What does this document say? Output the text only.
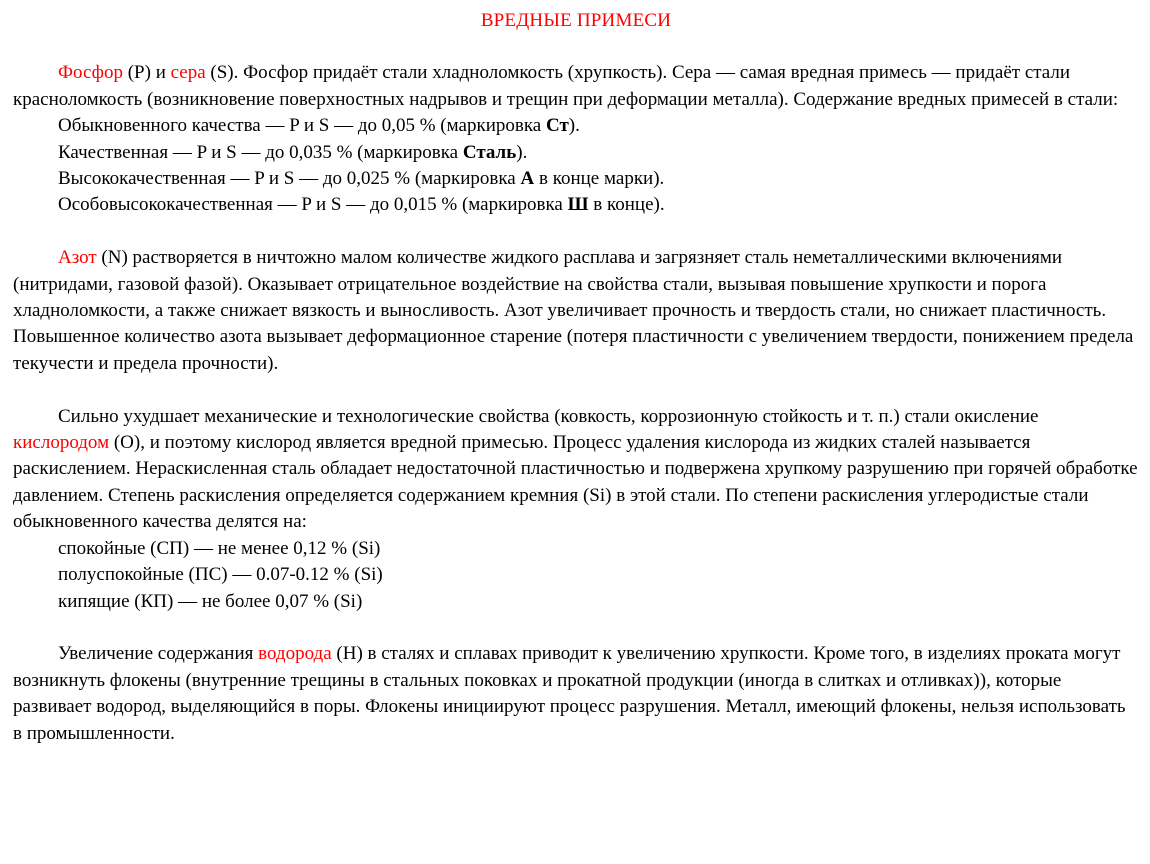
ВРЕДНЫЕ ПРИМЕСИ

Фосфор (P) и сера (S). Фосфор придаёт стали хладноломкость (хрупкость). Сера — самая вредная примесь — придаёт стали красноломкость (возникновение поверхностных надрывов и трещин при деформации металла). Содержание вредных примесей в стали:

Обыкновенного качества — P и S — до 0,05 % (маркировка Ст).

Качественная — P и S — до 0,035 % (маркировка Сталь).

Высококачественная — P и S — до 0,025 % (маркировка А в конце марки).

Особовысококачественная — P и S — до 0,015 % (маркировка Ш в конце).

Азот (N) растворяется в ничтожно малом количестве жидкого расплава и загрязняет сталь неметаллическими включениями (нитридами, газовой фазой). Оказывает отрицательное воздействие на свойства стали, вызывая повышение хрупкости и порога хладноломкости, а также снижает вязкость и выносливость. Азот увеличивает прочность и твердость стали, но снижает пластичность. Повышенное количество азота вызывает деформационное старение (потеря пластичности с увеличением твердости, понижением предела текучести и предела прочности).

Сильно ухудшает механические и технологические свойства (ковкость, коррозионную стойкость и т. п.) стали окисление кислородом (О), и поэтому кислород является вредной примесью. Процесс удаления кислорода из жидких сталей называется раскислением. Нераскисленная сталь обладает недостаточной пластичностью и подвержена хрупкому разрушению при горячей обработке давлением. Степень раскисления определяется содержанием кремния (Si) в этой стали. По степени раскисления углеродистые стали обыкновенного качества делятся на:

спокойные (СП) — не менее 0,12 % (Si)

полуспокойные (ПС) — 0.07-0.12 % (Si)

кипящие (КП) — не более 0,07 % (Si)

Увеличение содержания водорода (H) в сталях и сплавах приводит к увеличению хрупкости. Кроме того, в изделиях проката могут возникнуть флокены (внутренние трещины в стальных поковках и прокатной продукции (иногда в слитках и отливках)), которые развивает водород, выделяющийся в поры. Флокены инициируют процесс разрушения. Металл, имеющий флокены, нельзя использовать в промышленности.
